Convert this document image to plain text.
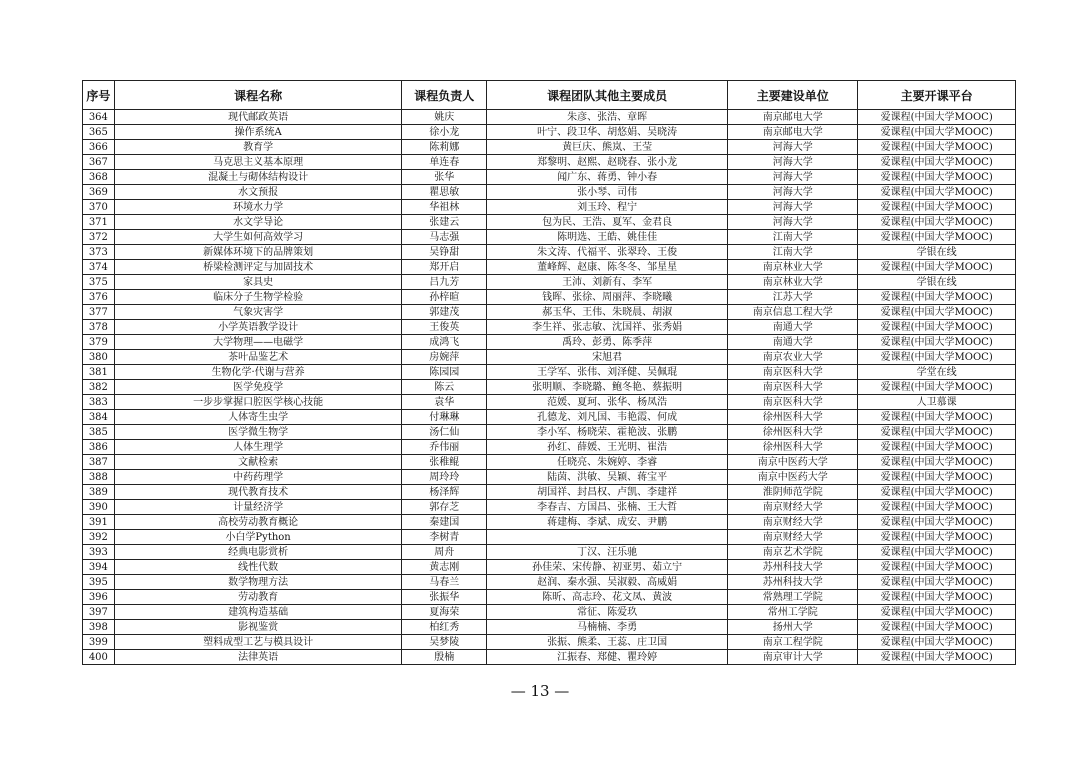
序号	课程名称	课程负责人	课程团队其他主要成员	主要建设单位	主要开课平台
364	现代邮政英语	姚庆	朱彦、张浩、章晖	南京邮电大学	爱课程(中国大学MOOC)
365	操作系统A	徐小龙	叶宁、段卫华、胡悠娟、吴晓涛	南京邮电大学	爱课程(中国大学MOOC)
366	教育学	陈莉娜	黄巨庆、熊岚、王莹	河海大学	爱课程(中国大学MOOC)
367	马克思主义基本原理	单连春	郑黎明、赵熙、赵晓春、张小龙	河海大学	爱课程(中国大学MOOC)
368	混凝土与砌体结构设计	张华	闻广东、蒋勇、钟小春	河海大学	爱课程(中国大学MOOC)
369	水文预报	瞿思敏	张小琴、司伟	河海大学	爱课程(中国大学MOOC)
370	环境水力学	华祖林	刘玉玲、程宁	河海大学	爱课程(中国大学MOOC)
371	水文学导论	张建云	包为民、王浩、夏军、金君良	河海大学	爱课程(中国大学MOOC)
372	大学生如何高效学习	马志强	陈明选、王皓、姚佳佳	江南大学	爱课程(中国大学MOOC)
373	新媒体环境下的品牌策划	吴铮甜	朱文涛、代福平、张翠玲、王俊	江南大学	学银在线
374	桥梁检测评定与加固技术	郑开启	董峰辉、赵康、陈冬冬、邹星星	南京林业大学	爱课程(中国大学MOOC)
375	家具史	吕九芳	王沛、刘新有、李军	南京林业大学	学银在线
376	临床分子生物学检验	孙梓暄	钱晖、张徐、周丽萍、李晓曦	江苏大学	爱课程(中国大学MOOC)
377	气象灾害学	郭建茂	郝玉华、王伟、朱晓晨、胡淑	南京信息工程大学	爱课程(中国大学MOOC)
378	小学英语教学设计	王俊英	李生祥、张志敏、沈国祥、张秀娟	南通大学	爱课程(中国大学MOOC)
379	大学物理——电磁学	成鸿飞	禹玲、彭勇、陈季萍	南通大学	爱课程(中国大学MOOC)
380	茶叶品鉴艺术	房婉萍	宋旭君	南京农业大学	爱课程(中国大学MOOC)
381	生物化学·代谢与营养	陈园园	王学军、张伟、刘泽健、吴佩琨	南京医科大学	学堂在线
382	医学免疫学	陈云	张明顺、李晓璐、鲍冬艳、蔡振明	南京医科大学	爱课程(中国大学MOOC)
383	一步步掌握口腔医学核心技能	袁华	范媛、夏珂、张华、杨凤浩	南京医科大学	人卫慕课
384	人体寄生虫学	付琳琳	孔德龙、刘凡国、韦艳霞、何成	徐州医科大学	爱课程(中国大学MOOC)
385	医学微生物学	汤仁仙	李小军、杨晓荣、霍艳波、张鹏	徐州医科大学	爱课程(中国大学MOOC)
386	人体生理学	乔伟丽	孙红、薛媛、王光明、崔浩	徐州医科大学	爱课程(中国大学MOOC)
387	文献检索	张稚鲲	任晓亮、朱婉婷、李睿	南京中医药大学	爱课程(中国大学MOOC)
388	中药药理学	周玲玲	陆茵、洪敏、吴颖、蒋宝平	南京中医药大学	爱课程(中国大学MOOC)
389	现代教育技术	杨泽辉	胡国祥、封昌权、卢凯、李建祥	淮阴师范学院	爱课程(中国大学MOOC)
390	计量经济学	郭存芝	李春吉、方国昌、张楠、王大哲	南京财经大学	爱课程(中国大学MOOC)
391	高校劳动教育概论	秦建国	蒋建梅、李斌、成安、尹鹏	南京财经大学	爱课程(中国大学MOOC)
392	小白学Python	李树青		南京财经大学	爱课程(中国大学MOOC)
393	经典电影赏析	周舟	丁汉、汪乐驰	南京艺术学院	爱课程(中国大学MOOC)
394	线性代数	黄志刚	孙佳荣、宋传静、初亚男、茹立宁	苏州科技大学	爱课程(中国大学MOOC)
395	数学物理方法	马春兰	赵润、秦水强、吴淑毅、高威娟	苏州科技大学	爱课程(中国大学MOOC)
396	劳动教育	张振华	陈昕、高志玲、花文凤、黄波	常熟理工学院	爱课程(中国大学MOOC)
397	建筑构造基础	夏海荣	常征、陈爱玖	常州工学院	爱课程(中国大学MOOC)
398	影视鉴赏	柏红秀	马楠楠、李勇	扬州大学	爱课程(中国大学MOOC)
399	塑料成型工艺与模具设计	吴梦陵	张振、熊柔、王蕊、庄卫国	南京工程学院	爱课程(中国大学MOOC)
400	法律英语	殷楠	江振春、郑健、瞿玲婷	南京审计大学	爱课程(中国大学MOOC)
— 13 —
